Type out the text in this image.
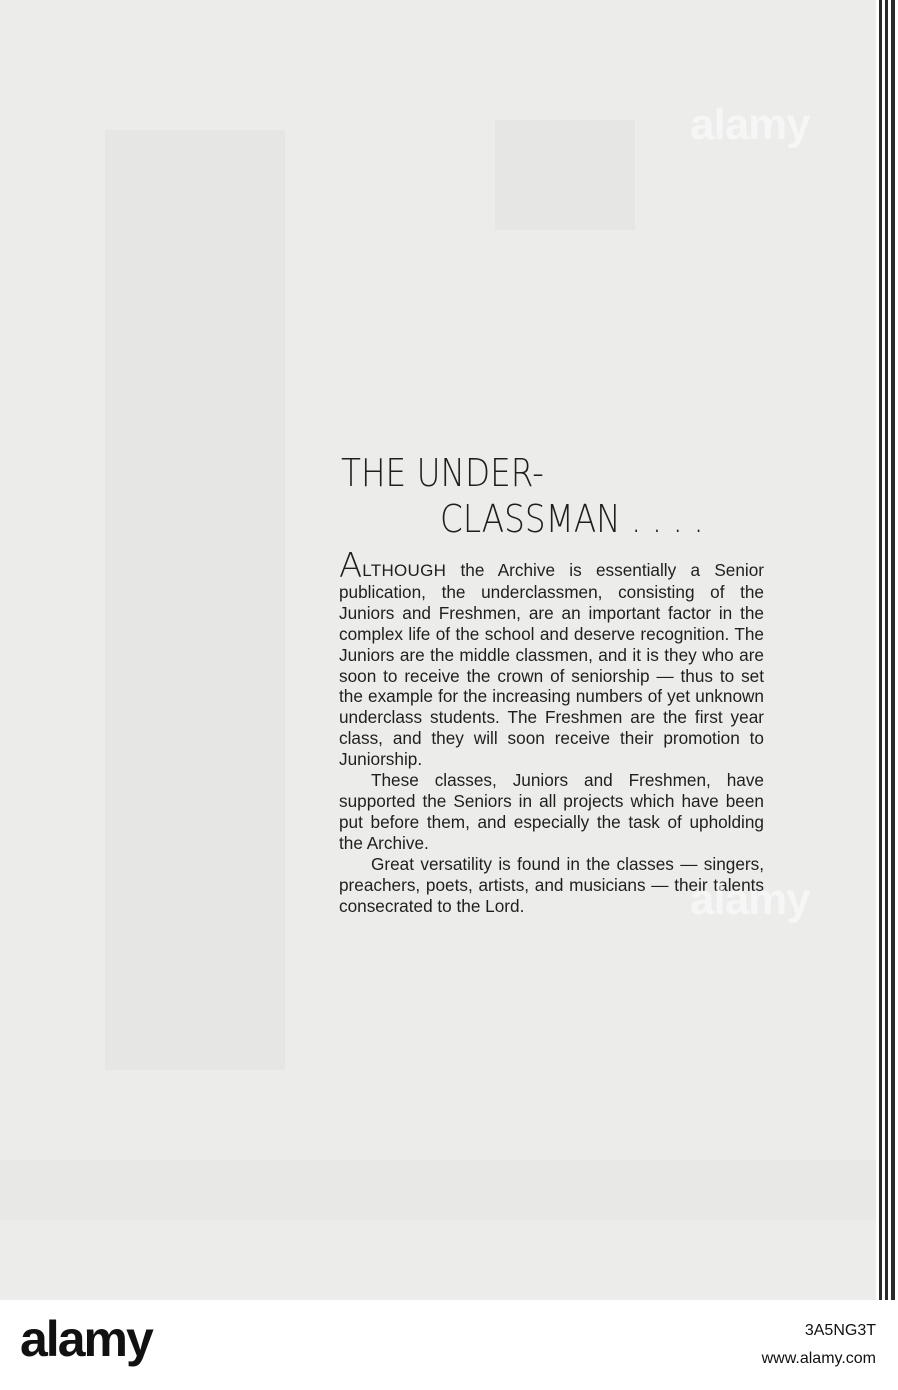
THE UNDER-
CLASSMAN . . . .

ALTHOUGH the Archive is essentially a Senior publication, the underclassmen, consisting of the Juniors and Freshmen, are an important factor in the complex life of the school and deserve recognition. The Juniors are the middle classmen, and it is they who are soon to receive the crown of seniorship — thus to set the example for the increasing numbers of yet unknown underclass students. The Freshmen are the first year class, and they will soon receive their promotion to Juniorship.

These classes, Juniors and Freshmen, have supported the Seniors in all projects which have been put before them, and especially the task of upholding the Archive.

Great versatility is found in the classes — singers, preachers, poets, artists, and musicians — their talents consecrated to the Lord.

alamy
alamy
alamy	3A5NG3T
www.alamy.com
